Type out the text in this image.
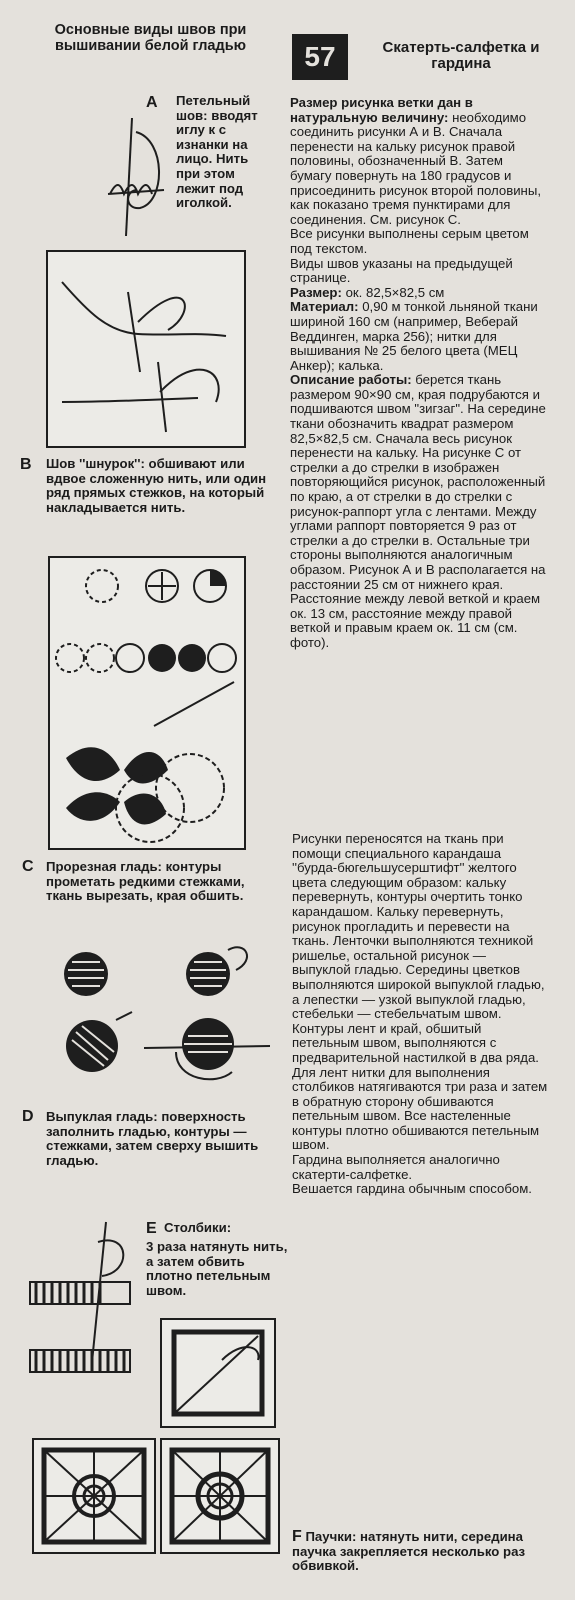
Основные виды швов при вышивании белой гладью
A Петельный шов: вводят иглу к с изнанки на лицо. Нить при этом лежит под иголкой.
B Шов ''шнурок'': обшивают или вдвое сложенную нить, или один ряд прямых стежков, на который накладывается нить.
C Прорезная гладь: контуры прометать редкими стежками, ткань вырезать, края обшить.
D Выпуклая гладь: поверхность заполнить гладью, контуры — стежками, затем сверху вышить гладью.
E Столбики:
3 раза натянуть нить, а затем обвить плотно петельным швом.
F Паучки: натянуть нити, середина паучка закрепляется несколько раз обвивкой.
57	Скатерть-салфетка и гардина

Размер рисунка ветки дан в натуральную величину: необходимо соединить рисунки А и В. Сначала перенести на кальку рисунок правой половины, обозначенный В. Затем бумагу повернуть на 180 градусов и присоединить рисунок второй половины, как показано тремя пунктирами для соединения. См. рисунок С.

Все рисунки выполнены серым цветом под текстом.

Виды швов указаны на предыдущей странице.

Размер: ок. 82,5×82,5 см

Материал: 0,90 м тонкой льняной ткани шириной 160 см (например, Веберай Веддинген, марка 256); нитки для вышивания № 25 белого цвета (МЕЦ Анкер); калька.

Описание работы: берется ткань размером 90×90 см, края подрубаются и подшиваются швом "зигзаг". На середине ткани обозначить квадрат размером 82,5×82,5 см. Сначала весь рисунок перенести на кальку. На рисунке С от стрелки а до стрелки в изображен повторяющийся рисунок, расположенный по краю, а от стрелки в до стрелки с рисунок-раппорт угла с лентами. Между углами раппорт повторяется 9 раз от стрелки а до стрелки в. Остальные три стороны выполняются аналогичным образом. Рисунок А и В располагается на расстоянии 25 см от нижнего края. Расстояние между левой веткой и краем ок. 13 см, расстояние между правой веткой и правым краем ок. 11 см (см. фото).

Рисунки переносятся на ткань при помощи специального карандаша ''бурда-бюгельшусерштифт'' желтого цвета следующим образом: кальку перевернуть, контуры очертить тонко карандашом. Кальку перевернуть, рисунок прогладить и перевести на ткань. Ленточки выполняются техникой ришелье, остальной рисунок — выпуклой гладью. Середины цветков выполняются широкой выпуклой гладью, а лепестки — узкой выпуклой гладью, стебельки — стебельчатым швом. Контуры лент и край, обшитый петельным швом, выполняются с предварительной настилкой в два ряда. Для лент нитки для выполнения столбиков натягиваются три раза и затем в обратную сторону обшиваются петельным швом. Все настеленные контуры плотно обшиваются петельным швом.

Гардина выполняется аналогично скатерти-салфетке.

Вешается гардина обычным способом.
